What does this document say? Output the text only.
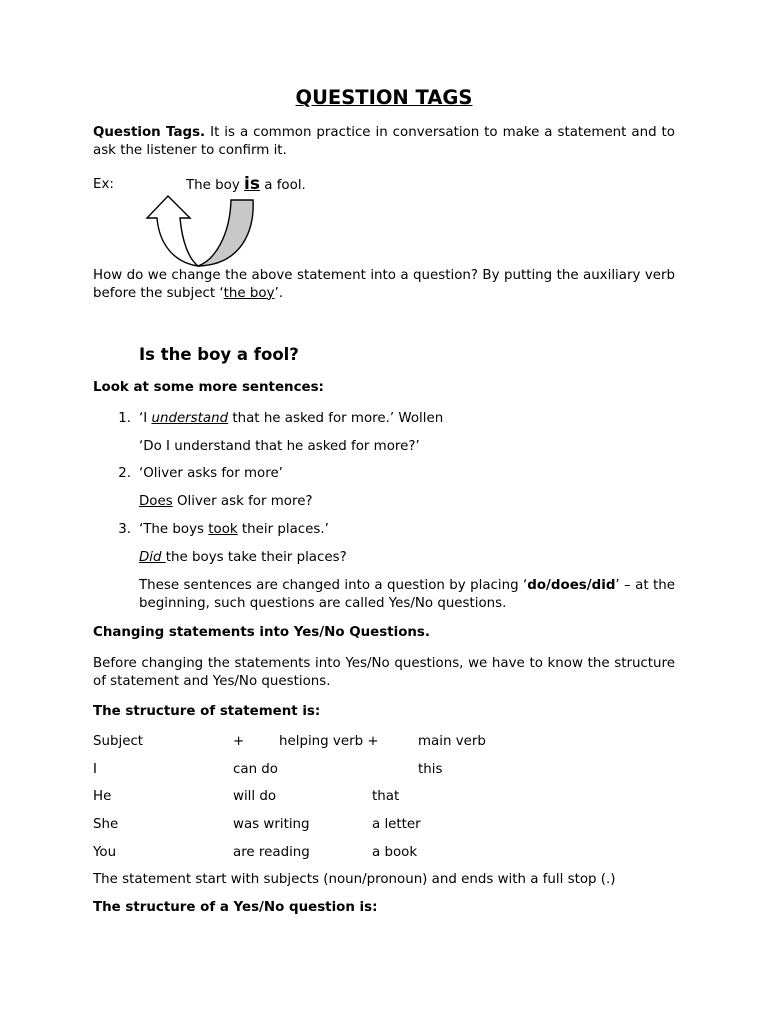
QUESTION TAGS

Question Tags. It is a common practice in conversation to make a statement and to ask the listener to confirm it.

Ex:	The boy is a fool.

How do we change the above statement into a question? By putting the auxiliary verb before the subject ‘the boy’.

Is the boy a fool?
Look at some more sentences:
1. ‘I understand that he asked for more.’ Wollen
‘Do I understand that he asked for more?’
2. ‘Oliver asks for more’
Does Oliver ask for more?
3. ‘The boys took their places.’
Did the boys take their places?

These sentences are changed into a question by placing ‘do/does/did’ – at the beginning, such questions are called Yes/No questions.

Changing statements into Yes/No Questions.

Before changing the statements into Yes/No questions, we have to know the structure of statement and Yes/No questions.

The structure of statement is:
Subject	+	helping verb +	main verb
I	can do	this
He	will do	that
She	was writing	a letter
You	are reading	a book
The statement start with subjects (noun/pronoun) and ends with a full stop (.)
The structure of a Yes/No question is:
